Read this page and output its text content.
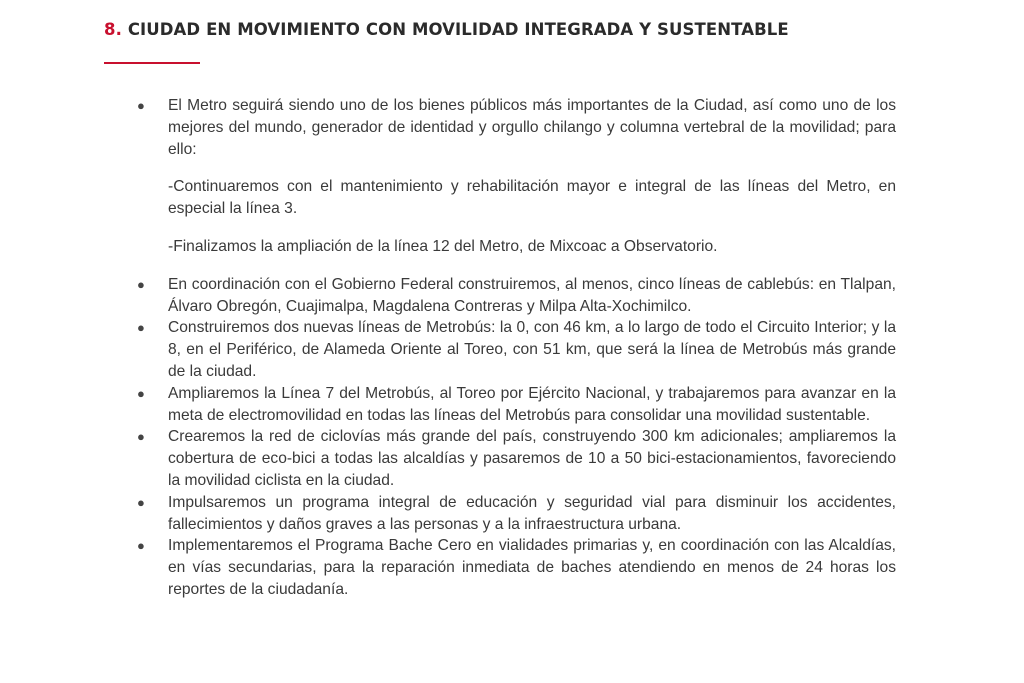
8. CIUDAD EN MOVIMIENTO CON MOVILIDAD INTEGRADA Y SUSTENTABLE
● El Metro seguirá siendo uno de los bienes públicos más importantes de la Ciudad, así como uno de los mejores del mundo, generador de identidad y orgullo chilango y columna vertebral de la movilidad; para ello:

-Continuaremos con el mantenimiento y rehabilitación mayor e integral de las líneas del Metro, en especial la línea 3.

-Finalizamos la ampliación de la línea 12 del Metro, de Mixcoac a Observatorio.

● En coordinación con el Gobierno Federal construiremos, al menos, cinco líneas de cablebús: en Tlalpan, Álvaro Obregón, Cuajimalpa, Magdalena Contreras y Milpa Alta-Xochimilco.

● Construiremos dos nuevas líneas de Metrobús: la 0, con 46 km, a lo largo de todo el Circuito Interior; y la 8, en el Periférico, de Alameda Oriente al Toreo, con 51 km, que será la línea de Metrobús más grande de la ciudad.

● Ampliaremos la Línea 7 del Metrobús, al Toreo por Ejército Nacional, y trabajaremos para avanzar en la meta de electromovilidad en todas las líneas del Metrobús para consolidar una movilidad sustentable.

● Crearemos la red de ciclovías más grande del país, construyendo 300 km adicionales; ampliaremos la cobertura de eco-bici a todas las alcaldías y pasaremos de 10 a 50 bici-estacionamientos, favoreciendo la movilidad ciclista en la ciudad.

● Impulsaremos un programa integral de educación y seguridad vial para disminuir los accidentes, fallecimientos y daños graves a las personas y a la infraestructura urbana.

● Implementaremos el Programa Bache Cero en vialidades primarias y, en coordinación con las Alcaldías, en vías secundarias, para la reparación inmediata de baches atendiendo en menos de 24 horas los reportes de la ciudadanía.
